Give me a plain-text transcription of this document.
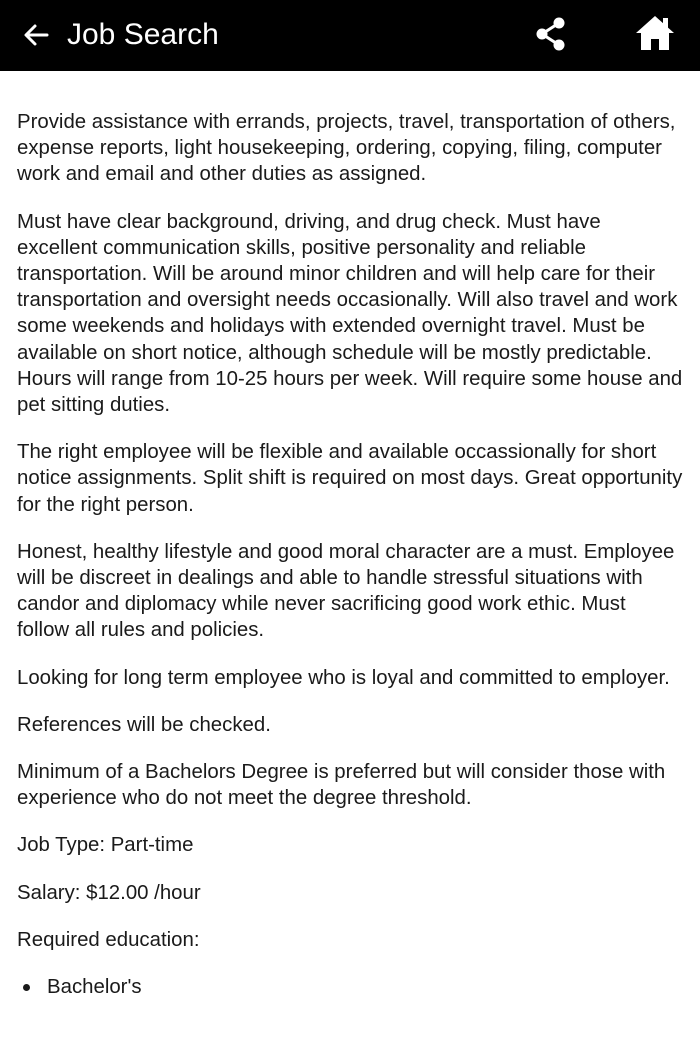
Job Search

Provide assistance with errands, projects, travel, transportation of others, expense reports, light housekeeping, ordering, copying, filing, computer work and email and other duties as assigned.

Must have clear background, driving, and drug check. Must have excellent communication skills, positive personality and reliable transportation. Will be around minor children and will help care for their transportation and oversight needs occasionally. Will also travel and work some weekends and holidays with extended overnight travel. Must be available on short notice, although schedule will be mostly predictable. Hours will range from 10-25 hours per week. Will require some house and pet sitting duties.

The right employee will be flexible and available occassionally for short notice assignments. Split shift is required on most days. Great opportunity for the right person.

Honest, healthy lifestyle and good moral character are a must. Employee will be discreet in dealings and able to handle stressful situations with candor and diplomacy while never sacrificing good work ethic. Must follow all rules and policies.

Looking for long term employee who is loyal and committed to employer.

References will be checked.

Minimum of a Bachelors Degree is preferred but will consider those with experience who do not meet the degree threshold.

Job Type: Part-time

Salary: $12.00 /hour

Required education:

Bachelor's
